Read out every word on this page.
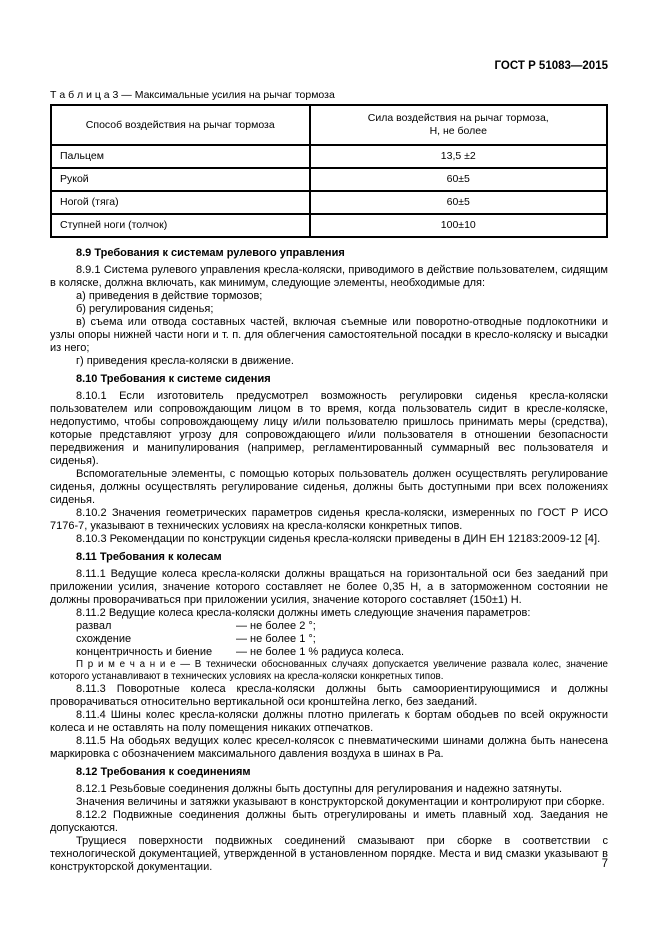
ГОСТ Р 51083—2015
Т а б л и ц а 3 — Максимальные усилия на рычаг тормоза
Способ воздействия на рычаг тормоза	Сила воздействия на рычаг тормоза,
Н, не более
Пальцем	13,5 ±2
Рукой	60±5
Ногой (тяга)	60±5
Ступней ноги (толчок)	100±10

8.9 Требования к системам рулевого управления

8.9.1 Система рулевого управления кресла-коляски, приводимого в действие пользователем, сидящим в коляске, должна включать, как минимум, следующие элементы, необходимые для:

а) приведения в действие тормозов;

б) регулирования сиденья;

в) съема или отвода составных частей, включая съемные или поворотно-отводные подлокотники и узлы опоры нижней части ноги и т. п. для облегчения самостоятельной посадки в кресло-коляску и высадки из него;

г) приведения кресла-коляски в движение.

8.10 Требования к системе сидения

8.10.1 Если изготовитель предусмотрел возможность регулировки сиденья кресла-коляски пользователем или сопровождающим лицом в то время, когда пользователь сидит в кресле-коляске, недопустимо, чтобы сопровождающему лицу и/или пользователю пришлось принимать меры (средства), которые представляют угрозу для сопровождающего и/или пользователя в отношении безопасности передвижения и манипулирования (например, регламентированный суммарный вес пользователя и сиденья).

Вспомогательные элементы, с помощью которых пользователь должен осуществлять регулирование сиденья, должны осуществлять регулирование сиденья, должны быть доступными при всех положениях сиденья.

8.10.2 Значения геометрических параметров сиденья кресла-коляски, измеренных по ГОСТ Р ИСО 7176-7, указывают в технических условиях на кресла-коляски конкретных типов.

8.10.3 Рекомендации по конструкции сиденья кресла-коляски приведены в ДИН ЕН 12183:2009-12 [4].

8.11 Требования к колесам

8.11.1 Ведущие колеса кресла-коляски должны вращаться на горизонтальной оси без заеданий при приложении усилия, значение которого составляет не более 0,35 Н, а в заторможенном состоянии не должны проворачиваться при приложении усилия, значение которого составляет (150±1) Н.

8.11.2 Ведущие колеса кресла-коляски должны иметь следующие значения параметров:

развал	— не более 2 °;
схождение	— не более 1 °;
концентричность и биение	— не более 1 % радиуса колеса.

П р и м е ч а н и е — В технически обоснованных случаях допускается увеличение развала колес, значение которого устанавливают в технических условиях на кресла-коляски конкретных типов.

8.11.3 Поворотные колеса кресла-коляски должны быть самоориентирующимися и должны проворачиваться относительно вертикальной оси кронштейна легко, без заеданий.

8.11.4 Шины колес кресла-коляски должны плотно прилегать к бортам ободьев по всей окружности колеса и не оставлять на полу помещения никаких отпечатков.

8.11.5 На ободьях ведущих колес кресел-колясок с пневматическими шинами должна быть нанесена маркировка с обозначением максимального давления воздуха в шинах в Ра.

8.12 Требования к соединениям

8.12.1 Резьбовые соединения должны быть доступны для регулирования и надежно затянуты.

Значения величины и затяжки указывают в конструкторской документации и контролируют при сборке.

8.12.2 Подвижные соединения должны быть отрегулированы и иметь плавный ход. Заедания не допускаются.

Трущиеся поверхности подвижных соединений смазывают при сборке в соответствии с технологической документацией, утвержденной в установленном порядке. Места и вид смазки указывают в конструкторской документации.	7
